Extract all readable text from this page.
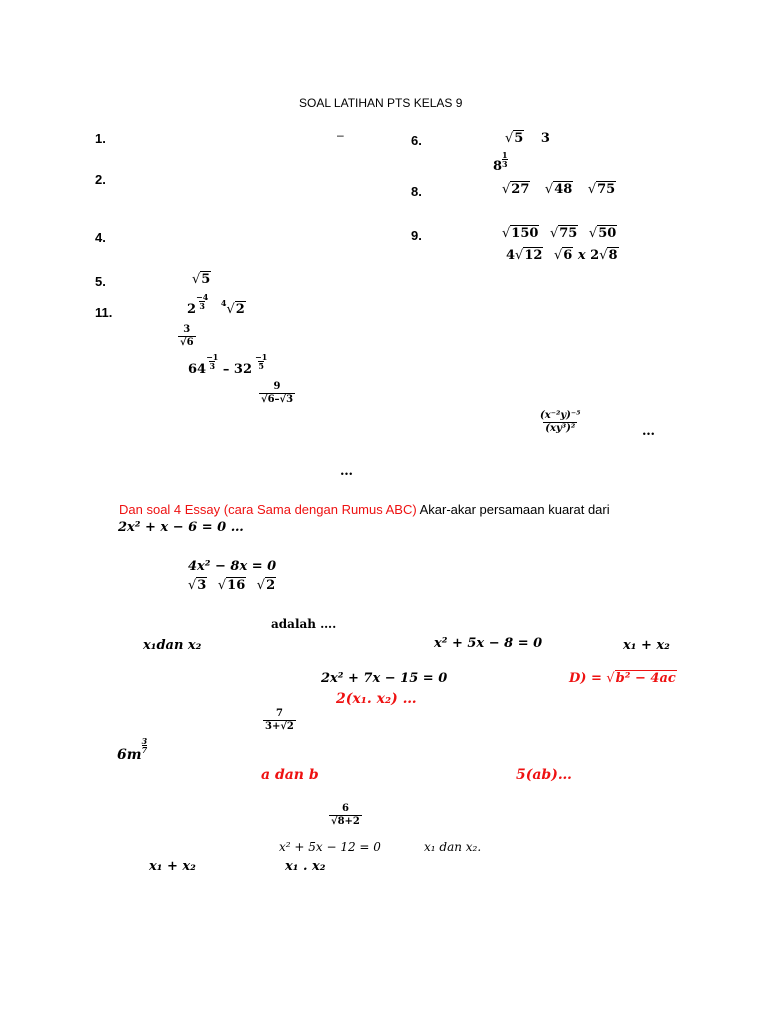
SOAL LATIHAN PTS KELAS 9
1.
2.
4.
5.
11.
–	6.
8.
9.
√5 3
$8 \frac{1}{3}$
√27 √48 √75
√150 √75 √50
4√12 √6 x 2√8
√5
$2 \frac{-4}{3} ^4√2$
$\frac{3}{√6}$
$64 \frac{-1}{3} - 32 \frac{-1}{5}$
$\frac{9}{√6-√3}$
$\frac{\text{(x⁻²y)⁻⁵}}{\text{(xy³)²}}$	…
…
Dan soal 4 Essay (cara Sama dengan Rumus ABC) Akar-akar persamaan kuarat dari
2x² + x − 6 = 0 …
4x² − 8x = 0
√3 √16 √2
adalah ….
x₁dan x₂	x² + 5x − 8 = 0	x₁ + x₂
2x² + 7x − 15 = 0	D) = √b² − 4ac
2(x₁. x₂) …
$\frac{7}{3+√2}$
6m
$\frac{3}{7}$
a dan b	5(ab)…
$\frac{6}{√8+2}$
x² + 5x − 12 = 0	x₁ dan x₂.
x₁ + x₂	x₁ . x₂
